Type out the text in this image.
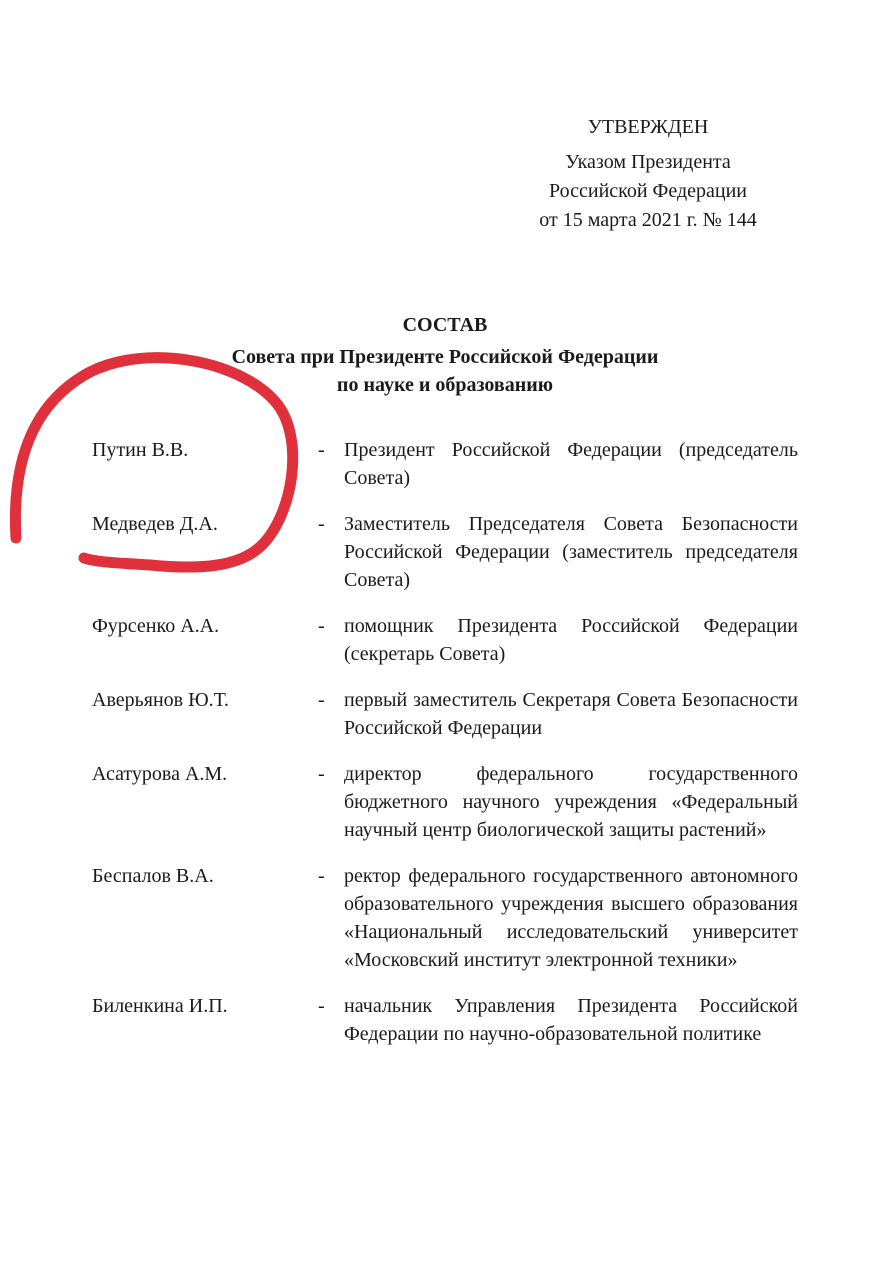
УТВЕРЖДЕН
Указом Президента
Российской Федерации
от 15 марта 2021 г. № 144
СОСТАВ
Совета при Президенте Российской Федерации
по науке и образованию
Путин В.В.	- Президент Российской Федерации (председатель Совета)
Медведев Д.А.	- Заместитель Председателя Совета Безопасности Российской Федерации (заместитель председателя Совета)
Фурсенко А.А.	- помощник Президента Российской Федерации (секретарь Совета)
Аверьянов Ю.Т.	- первый заместитель Секретаря Совета Безопасности Российской Федерации
Асатурова А.М.	- директор федерального государственного бюджетного научного учреждения «Федеральный научный центр биологической защиты растений»
Беспалов В.А.	- ректор федерального государственного автономного образовательного учреждения высшего образования «Национальный исследовательский университет «Московский институт электронной техники»
Биленкина И.П.	- начальник Управления Президента Российской Федерации по научно-образовательной политике
